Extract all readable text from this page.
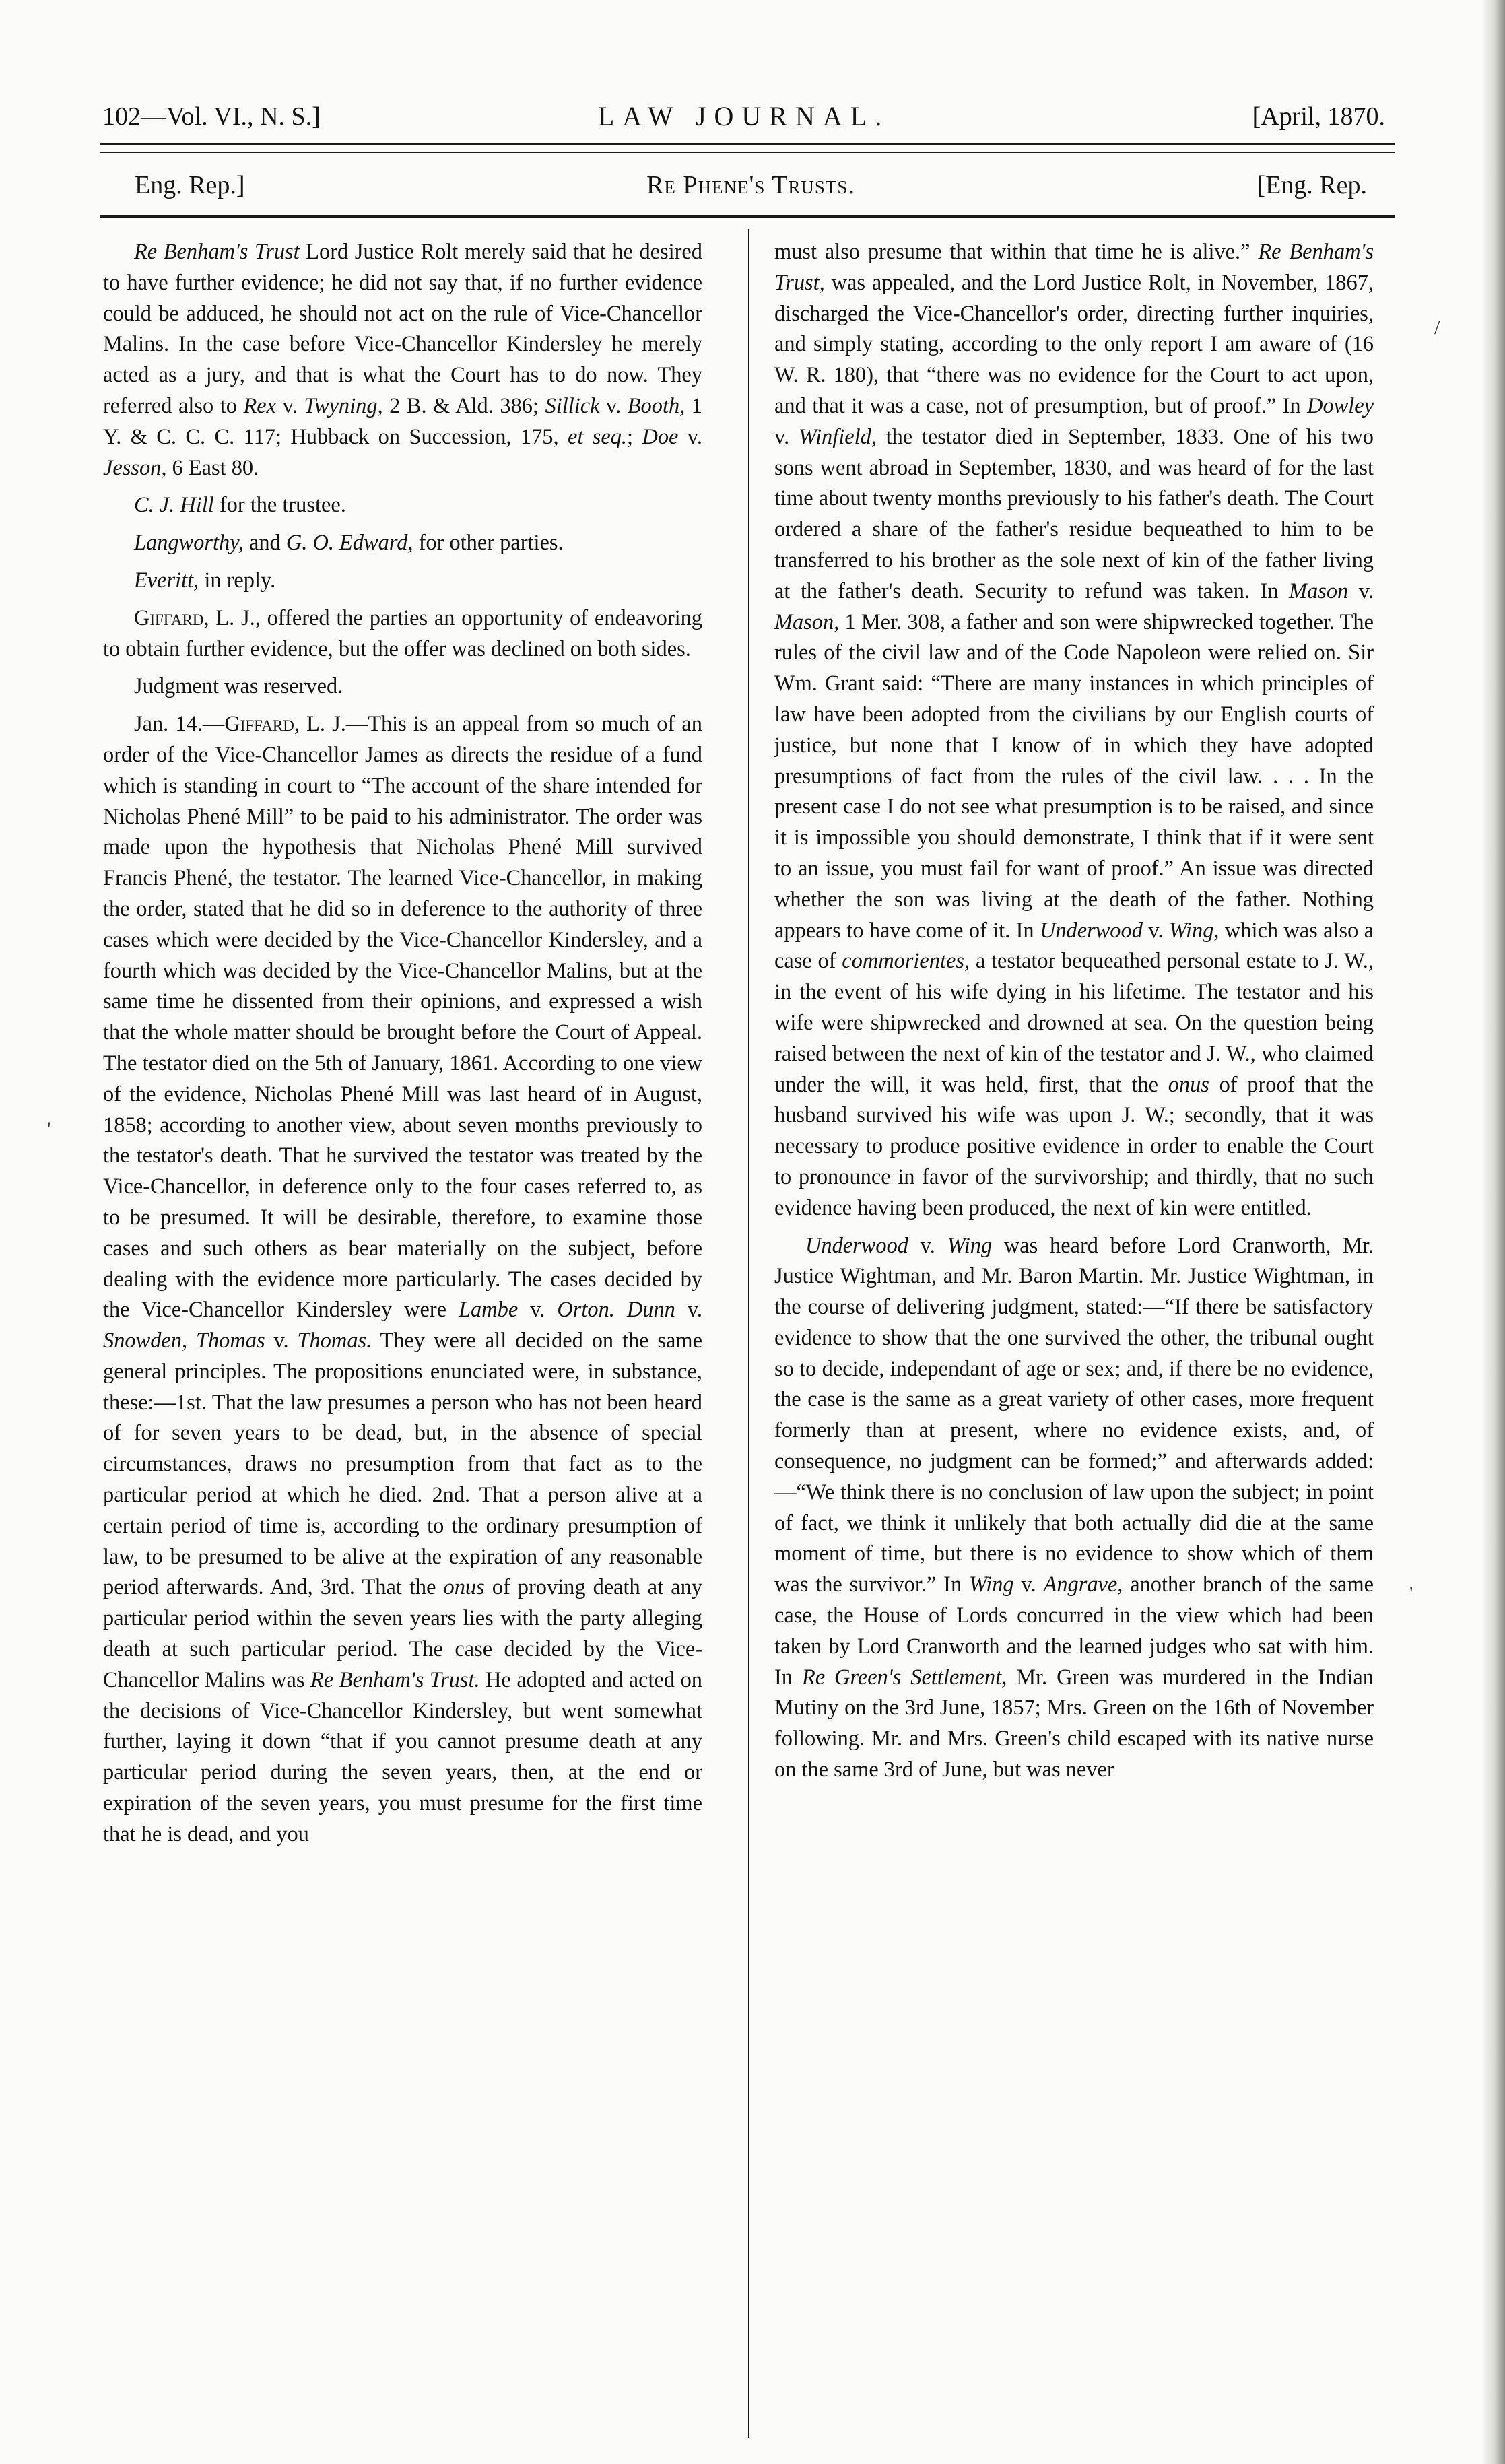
102—Vol. VI., N. S.]	LAW JOURNAL.	[April, 1870.
Eng. Rep.]	Re Phene's Trusts.	[Eng. Rep.

Re Benham's Trust Lord Justice Rolt merely said that he desired to have further evidence; he did not say that, if no further evidence could be adduced, he should not act on the rule of Vice-Chancellor Malins. In the case before Vice-Chancellor Kindersley he merely acted as a jury, and that is what the Court has to do now. They referred also to Rex v. Twyning, 2 B. & Ald. 386; Sillick v. Booth, 1 Y. & C. C. C. 117; Hubback on Succession, 175, et seq.; Doe v. Jesson, 6 East 80.

C. J. Hill for the trustee.

Langworthy, and G. O. Edward, for other parties.

Everitt, in reply.

Giffard, L. J., offered the parties an opportunity of endeavoring to obtain further evidence, but the offer was declined on both sides.

Judgment was reserved.

Jan. 14.—Giffard, L. J.—This is an appeal from so much of an order of the Vice-Chancellor James as directs the residue of a fund which is standing in court to “The account of the share intended for Nicholas Phené Mill” to be paid to his administrator. The order was made upon the hypothesis that Nicholas Phené Mill survived Francis Phené, the testator. The learned Vice-Chancellor, in making the order, stated that he did so in deference to the authority of three cases which were decided by the Vice-Chancellor Kindersley, and a fourth which was decided by the Vice-Chancellor Malins, but at the same time he dissented from their opinions, and expressed a wish that the whole matter should be brought before the Court of Appeal. The testator died on the 5th of January, 1861. According to one view of the evidence, Nicholas Phené Mill was last heard of in August, 1858; according to another view, about seven months previously to the testator's death. That he survived the testator was treated by the Vice-Chancellor, in deference only to the four cases referred to, as to be presumed. It will be desirable, therefore, to examine those cases and such others as bear materially on the subject, before dealing with the evidence more particularly. The cases decided by the Vice-Chancellor Kindersley were Lambe v. Orton. Dunn v. Snowden, Thomas v. Thomas. They were all decided on the same general principles. The propositions enunciated were, in substance, these:—1st. That the law presumes a person who has not been heard of for seven years to be dead, but, in the absence of special circumstances, draws no presumption from that fact as to the particular period at which he died. 2nd. That a person alive at a certain period of time is, according to the ordinary presumption of law, to be presumed to be alive at the expiration of any reasonable period afterwards. And, 3rd. That the onus of proving death at any particular period within the seven years lies with the party alleging death at such particular period. The case decided by the Vice-Chancellor Malins was Re Benham's Trust. He adopted and acted on the decisions of Vice-Chancellor Kindersley, but went somewhat further, laying it down “that if you cannot presume death at any particular period during the seven years, then, at the end or expiration of the seven years, you must presume for the first time that he is dead, and you

must also presume that within that time he is alive.” Re Benham's Trust, was appealed, and the Lord Justice Rolt, in November, 1867, discharged the Vice-Chancellor's order, directing further inquiries, and simply stating, according to the only report I am aware of (16 W. R. 180), that “there was no evidence for the Court to act upon, and that it was a case, not of presumption, but of proof.” In Dowley v. Winfield, the testator died in September, 1833. One of his two sons went abroad in September, 1830, and was heard of for the last time about twenty months previously to his father's death. The Court ordered a share of the father's residue bequeathed to him to be transferred to his brother as the sole next of kin of the father living at the father's death. Security to refund was taken. In Mason v. Mason, 1 Mer. 308, a father and son were shipwrecked together. The rules of the civil law and of the Code Napoleon were relied on. Sir Wm. Grant said: “There are many instances in which principles of law have been adopted from the civilians by our English courts of justice, but none that I know of in which they have adopted presumptions of fact from the rules of the civil law. . . . In the present case I do not see what presumption is to be raised, and since it is impossible you should demonstrate, I think that if it were sent to an issue, you must fail for want of proof.” An issue was directed whether the son was living at the death of the father. Nothing appears to have come of it. In Underwood v. Wing, which was also a case of commorientes, a testator bequeathed personal estate to J. W., in the event of his wife dying in his lifetime. The testator and his wife were shipwrecked and drowned at sea. On the question being raised between the next of kin of the testator and J. W., who claimed under the will, it was held, first, that the onus of proof that the husband survived his wife was upon J. W.; secondly, that it was necessary to produce positive evidence in order to enable the Court to pronounce in favor of the survivorship; and thirdly, that no such evidence having been produced, the next of kin were entitled.

Underwood v. Wing was heard before Lord Cranworth, Mr. Justice Wightman, and Mr. Baron Martin. Mr. Justice Wightman, in the course of delivering judgment, stated:—“If there be satisfactory evidence to show that the one survived the other, the tribunal ought so to decide, independant of age or sex; and, if there be no evidence, the case is the same as a great variety of other cases, more frequent formerly than at present, where no evidence exists, and, of consequence, no judgment can be formed;” and afterwards added:—“We think there is no conclusion of law upon the subject; in point of fact, we think it unlikely that both actually did die at the same moment of time, but there is no evidence to show which of them was the survivor.” In Wing v. Angrave, another branch of the same case, the House of Lords concurred in the view which had been taken by Lord Cranworth and the learned judges who sat with him. In Re Green's Settlement, Mr. Green was murdered in the Indian Mutiny on the 3rd June, 1857; Mrs. Green on the 16th of November following. Mr. and Mrs. Green's child escaped with its native nurse on the same 3rd of June, but was never

/
'
'
